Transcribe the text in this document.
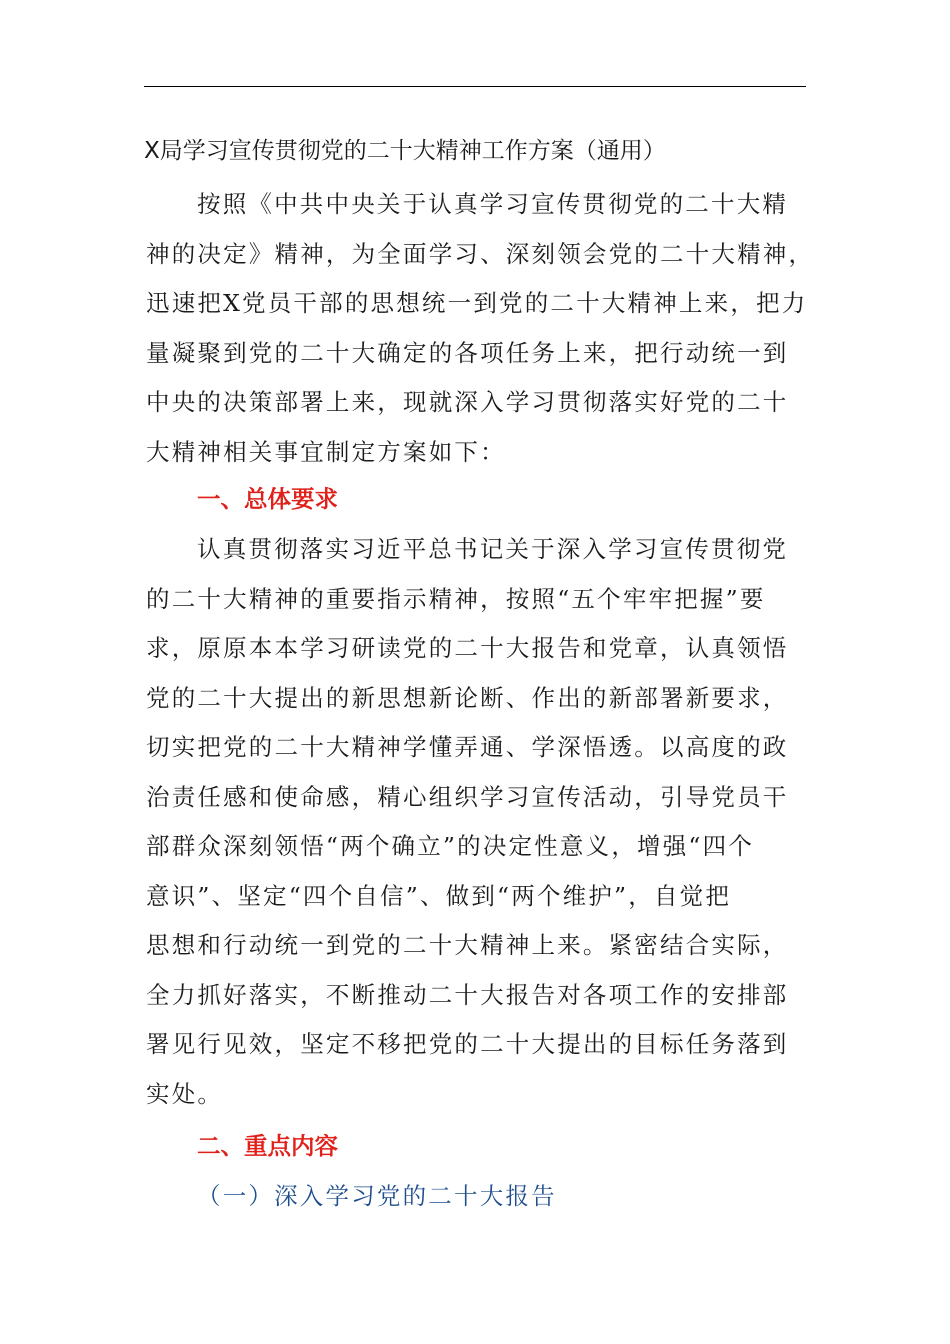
X局学习宣传贯彻党的二十大精神工作方案（通用）
按照《中共中央关于认真学习宣传贯彻党的二十大精
神的决定》精神，为全面学习、深刻领会党的二十大精神，
迅速把X党员干部的思想统一到党的二十大精神上来，把力
量凝聚到党的二十大确定的各项任务上来，把行动统一到
中央的决策部署上来，现就深入学习贯彻落实好党的二十
大精神相关事宜制定方案如下：
一、总体要求
认真贯彻落实习近平总书记关于深入学习宣传贯彻党
的二十大精神的重要指示精神，按照“五个牢牢把握”要
求，原原本本学习研读党的二十大报告和党章，认真领悟
党的二十大提出的新思想新论断、作出的新部署新要求，
切实把党的二十大精神学懂弄通、学深悟透。以高度的政
治责任感和使命感，精心组织学习宣传活动，引导党员干
部群众深刻领悟“两个确立”的决定性意义，增强“四个
意识”、坚定“四个自信”、做到“两个维护”，自觉把
思想和行动统一到党的二十大精神上来。紧密结合实际，
全力抓好落实，不断推动二十大报告对各项工作的安排部
署见行见效，坚定不移把党的二十大提出的目标任务落到
实处。
二、重点内容
（一）深入学习党的二十大报告
